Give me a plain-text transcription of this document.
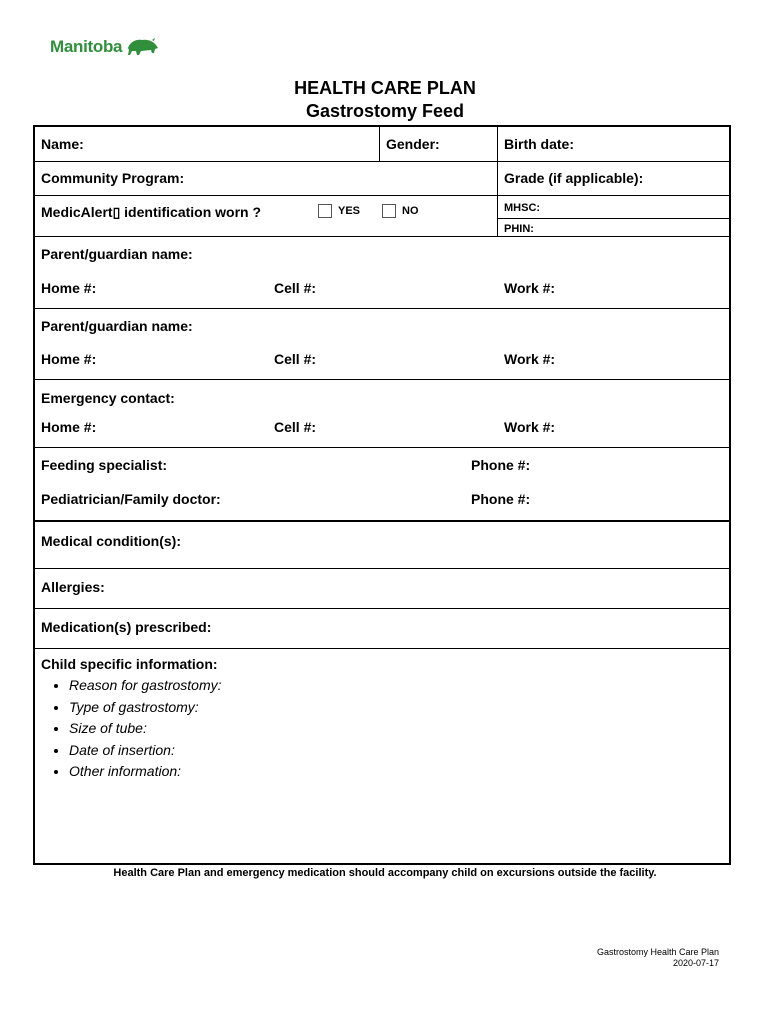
Manitoba
HEALTH CARE PLAN
Gastrostomy Feed
Name:	Gender:	Birth date:
Community Program:	Grade (if applicable):
MedicAlert▯ identification worn ?	YES	NO	MHSC:
PHIN:
Parent/guardian name:
Home #:	Cell #:	Work #:
Parent/guardian name:
Home #:	Cell #:	Work #:
Emergency contact:
Home #:	Cell #:	Work #:
Feeding specialist:	Phone #:
Pediatrician/Family doctor:	Phone #:
Medical condition(s):
Allergies:
Medication(s) prescribed:
Child specific information:
• Reason for gastrostomy:
• Type of gastrostomy:
• Size of tube:
• Date of insertion:
• Other information:
Health Care Plan and emergency medication should accompany child on excursions outside the facility.
Gastrostomy Health Care Plan
2020-07-17
